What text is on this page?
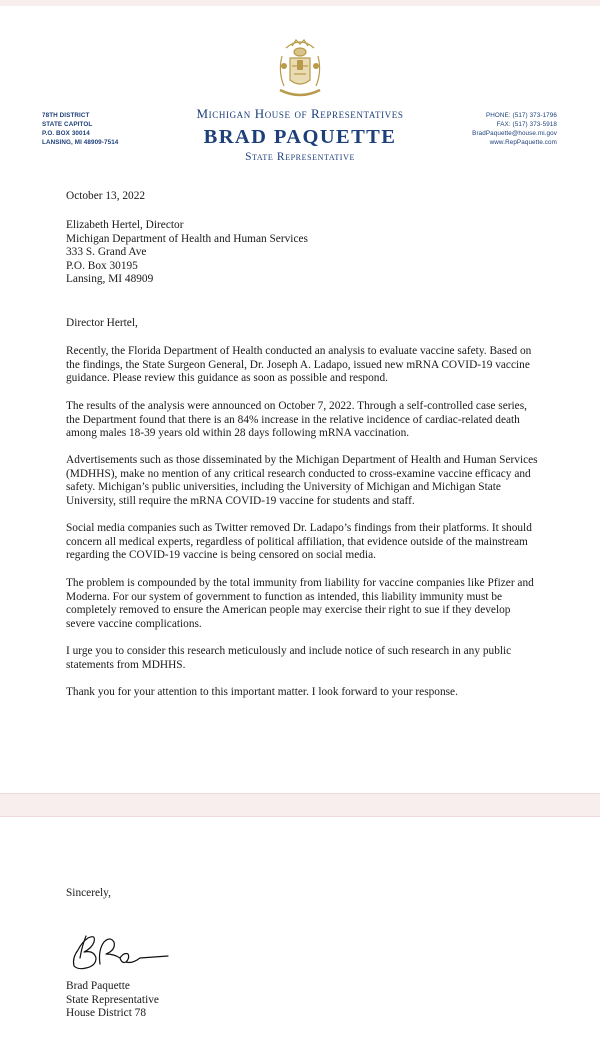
78TH DISTRICT
STATE CAPITOL
P.O. BOX 30014
LANSING, MI 48909-7514
Michigan House of Representatives
BRAD PAQUETTE
State Representative
PHONE: (517) 373-1796
FAX: (517) 373-5918
BradPaquette@house.mi.gov
www.RepPaquette.com
October 13, 2022
Elizabeth Hertel, Director
Michigan Department of Health and Human Services
333 S. Grand Ave
P.O. Box 30195
Lansing, MI 48909
Director Hertel,

Recently, the Florida Department of Health conducted an analysis to evaluate vaccine safety. Based on the findings, the State Surgeon General, Dr. Joseph A. Ladapo, issued new mRNA COVID-19 vaccine guidance. Please review this guidance as soon as possible and respond.

The results of the analysis were announced on October 7, 2022. Through a self-controlled case series, the Department found that there is an 84% increase in the relative incidence of cardiac-related death among males 18-39 years old within 28 days following mRNA vaccination.

Advertisements such as those disseminated by the Michigan Department of Health and Human Services (MDHHS), make no mention of any critical research conducted to cross-examine vaccine efficacy and safety. Michigan’s public universities, including the University of Michigan and Michigan State University, still require the mRNA COVID-19 vaccine for students and staff.

Social media companies such as Twitter removed Dr. Ladapo’s findings from their platforms. It should concern all medical experts, regardless of political affiliation, that evidence outside of the mainstream regarding the COVID-19 vaccine is being censored on social media.

The problem is compounded by the total immunity from liability for vaccine companies like Pfizer and Moderna. For our system of government to function as intended, this liability immunity must be completely removed to ensure the American people may exercise their right to sue if they develop severe vaccine complications.

I urge you to consider this research meticulously and include notice of such research in any public statements from MDHHS.

Thank you for your attention to this important matter. I look forward to your response.

Sincerely,
Brad Paquette
State Representative
House District 78
